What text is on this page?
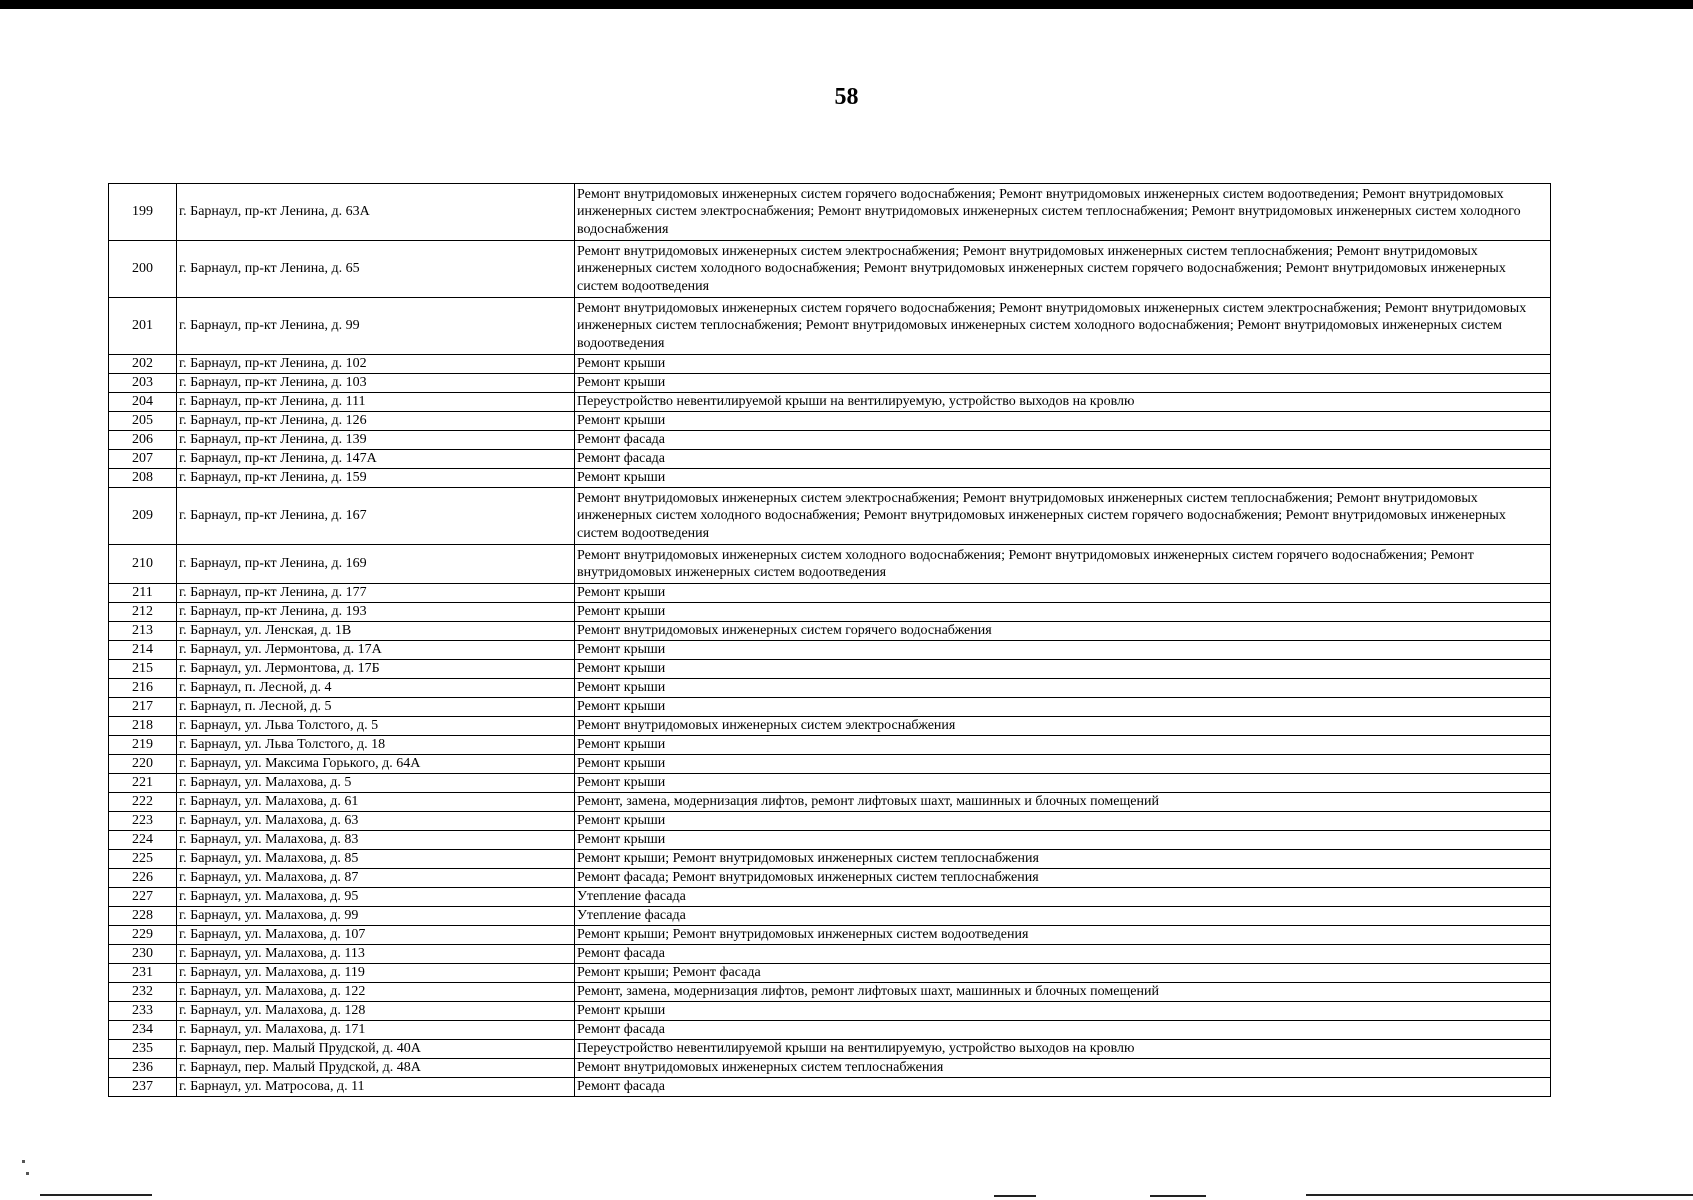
58
199	г. Барнаул, пр-кт Ленина, д. 63А	Ремонт внутридомовых инженерных систем горячего водоснабжения; Ремонт внутридомовых инженерных систем водоотведения; Ремонт внутридомовых инженерных систем электроснабжения; Ремонт внутридомовых инженерных систем теплоснабжения; Ремонт внутридомовых инженерных систем холодного водоснабжения
200	г. Барнаул, пр-кт Ленина, д. 65	Ремонт внутридомовых инженерных систем электроснабжения; Ремонт внутридомовых инженерных систем теплоснабжения; Ремонт внутридомовых инженерных систем холодного водоснабжения; Ремонт внутридомовых инженерных систем горячего водоснабжения; Ремонт внутридомовых инженерных систем водоотведения
201	г. Барнаул, пр-кт Ленина, д. 99	Ремонт внутридомовых инженерных систем горячего водоснабжения; Ремонт внутридомовых инженерных систем электроснабжения; Ремонт внутридомовых инженерных систем теплоснабжения; Ремонт внутридомовых инженерных систем холодного водоснабжения; Ремонт внутридомовых инженерных систем водоотведения
202	г. Барнаул, пр-кт Ленина, д. 102	Ремонт крыши
203	г. Барнаул, пр-кт Ленина, д. 103	Ремонт крыши
204	г. Барнаул, пр-кт Ленина, д. 111	Переустройство невентилируемой крыши на вентилируемую, устройство выходов на кровлю
205	г. Барнаул, пр-кт Ленина, д. 126	Ремонт крыши
206	г. Барнаул, пр-кт Ленина, д. 139	Ремонт фасада
207	г. Барнаул, пр-кт Ленина, д. 147А	Ремонт фасада
208	г. Барнаул, пр-кт Ленина, д. 159	Ремонт крыши
209	г. Барнаул, пр-кт Ленина, д. 167	Ремонт внутридомовых инженерных систем электроснабжения; Ремонт внутридомовых инженерных систем теплоснабжения; Ремонт внутридомовых инженерных систем холодного водоснабжения; Ремонт внутридомовых инженерных систем горячего водоснабжения; Ремонт внутридомовых инженерных систем водоотведения
210	г. Барнаул, пр-кт Ленина, д. 169	Ремонт внутридомовых инженерных систем холодного водоснабжения; Ремонт внутридомовых инженерных систем горячего водоснабжения; Ремонт внутридомовых инженерных систем водоотведения
211	г. Барнаул, пр-кт Ленина, д. 177	Ремонт крыши
212	г. Барнаул, пр-кт Ленина, д. 193	Ремонт крыши
213	г. Барнаул, ул. Ленская, д. 1В	Ремонт внутридомовых инженерных систем горячего водоснабжения
214	г. Барнаул, ул. Лермонтова, д. 17А	Ремонт крыши
215	г. Барнаул, ул. Лермонтова, д. 17Б	Ремонт крыши
216	г. Барнаул, п. Лесной, д. 4	Ремонт крыши
217	г. Барнаул, п. Лесной, д. 5	Ремонт крыши
218	г. Барнаул, ул. Льва Толстого, д. 5	Ремонт внутридомовых инженерных систем электроснабжения
219	г. Барнаул, ул. Льва Толстого, д. 18	Ремонт крыши
220	г. Барнаул, ул. Максима Горького, д. 64А	Ремонт крыши
221	г. Барнаул, ул. Малахова, д. 5	Ремонт крыши
222	г. Барнаул, ул. Малахова, д. 61	Ремонт, замена, модернизация лифтов, ремонт лифтовых шахт, машинных и блочных помещений
223	г. Барнаул, ул. Малахова, д. 63	Ремонт крыши
224	г. Барнаул, ул. Малахова, д. 83	Ремонт крыши
225	г. Барнаул, ул. Малахова, д. 85	Ремонт крыши; Ремонт внутридомовых инженерных систем теплоснабжения
226	г. Барнаул, ул. Малахова, д. 87	Ремонт фасада; Ремонт внутридомовых инженерных систем теплоснабжения
227	г. Барнаул, ул. Малахова, д. 95	Утепление фасада
228	г. Барнаул, ул. Малахова, д. 99	Утепление фасада
229	г. Барнаул, ул. Малахова, д. 107	Ремонт крыши; Ремонт внутридомовых инженерных систем водоотведения
230	г. Барнаул, ул. Малахова, д. 113	Ремонт фасада
231	г. Барнаул, ул. Малахова, д. 119	Ремонт крыши; Ремонт фасада
232	г. Барнаул, ул. Малахова, д. 122	Ремонт, замена, модернизация лифтов, ремонт лифтовых шахт, машинных и блочных помещений
233	г. Барнаул, ул. Малахова, д. 128	Ремонт крыши
234	г. Барнаул, ул. Малахова, д. 171	Ремонт фасада
235	г. Барнаул, пер. Малый Прудской, д. 40А	Переустройство невентилируемой крыши на вентилируемую, устройство выходов на кровлю
236	г. Барнаул, пер. Малый Прудской, д. 48А	Ремонт внутридомовых инженерных систем теплоснабжения
237	г. Барнаул, ул. Матросова, д. 11	Ремонт фасада
